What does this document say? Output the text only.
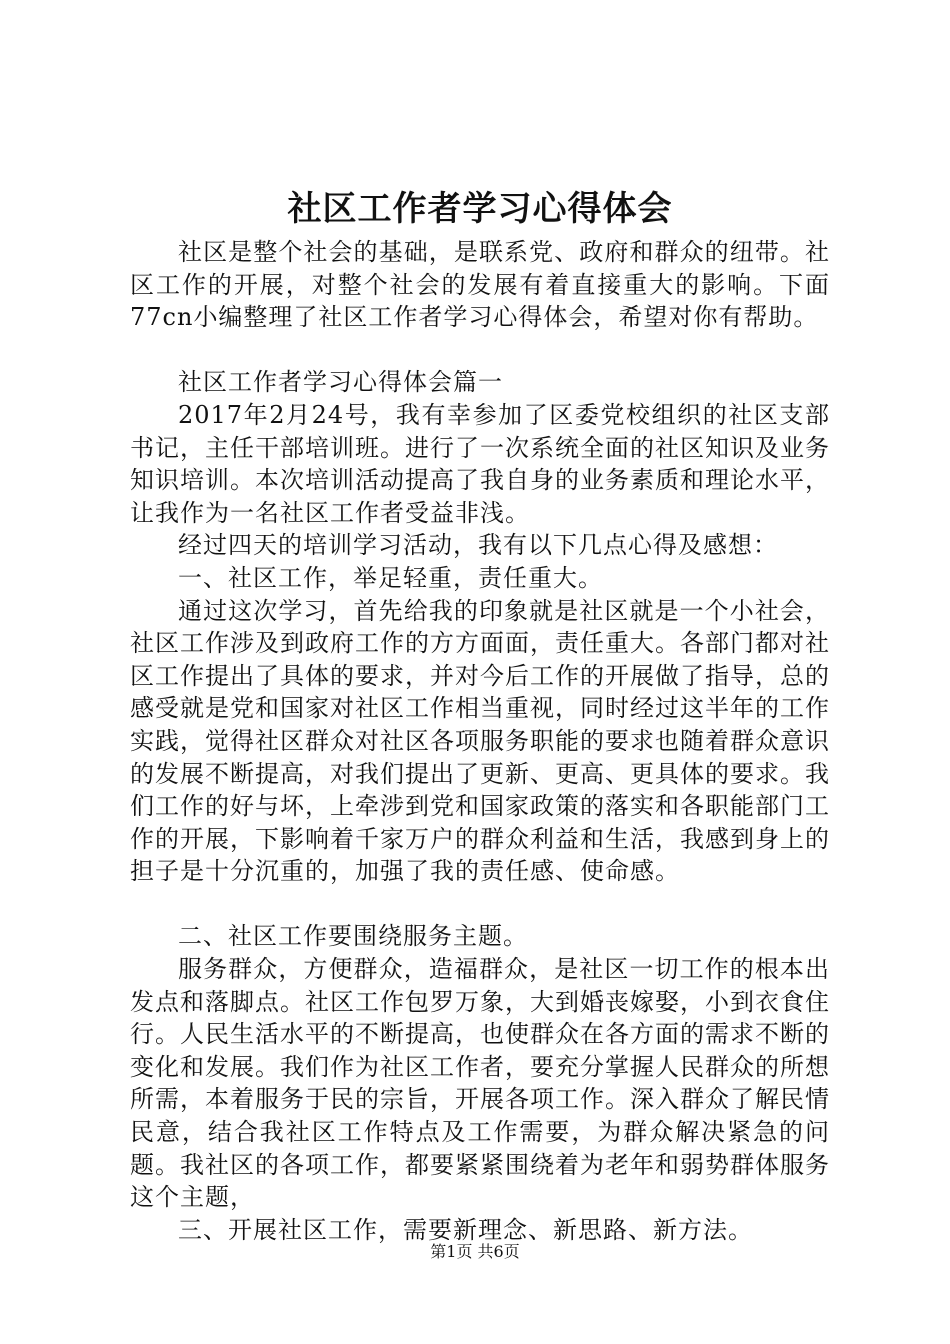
社区工作者学习心得体会

社区是整个社会的基础，是联系党、政府和群众的纽带。社区工作的开展，对整个社会的发展有着直接重大的影响。下面77cn小编整理了社区工作者学习心得体会，希望对你有帮助。

社区工作者学习心得体会篇一

2017年2月24号，我有幸参加了区委党校组织的社区支部书记，主任干部培训班。进行了一次系统全面的社区知识及业务知识培训。本次培训活动提高了我自身的业务素质和理论水平，让我作为一名社区工作者受益非浅。

经过四天的培训学习活动，我有以下几点心得及感想：

一、社区工作，举足轻重，责任重大。

通过这次学习，首先给我的印象就是社区就是一个小社会，社区工作涉及到政府工作的方方面面，责任重大。各部门都对社区工作提出了具体的要求，并对今后工作的开展做了指导，总的感受就是党和国家对社区工作相当重视，同时经过这半年的工作实践，觉得社区群众对社区各项服务职能的要求也随着群众意识的发展不断提高，对我们提出了更新、更高、更具体的要求。我们工作的好与坏，上牵涉到党和国家政策的落实和各职能部门工作的开展，下影响着千家万户的群众利益和生活，我感到身上的担子是十分沉重的，加强了我的责任感、使命感。

二、社区工作要围绕服务主题。

服务群众，方便群众，造福群众，是社区一切工作的根本出发点和落脚点。社区工作包罗万象，大到婚丧嫁娶，小到衣食住行。人民生活水平的不断提高，也使群众在各方面的需求不断的变化和发展。我们作为社区工作者，要充分掌握人民群众的所想所需，本着服务于民的宗旨，开展各项工作。深入群众了解民情民意，结合我社区工作特点及工作需要，为群众解决紧急的问题。我社区的各项工作，都要紧紧围绕着为老年和弱势群体服务这个主题，

三、开展社区工作，需要新理念、新思路、新方法。

第1页 共6页
